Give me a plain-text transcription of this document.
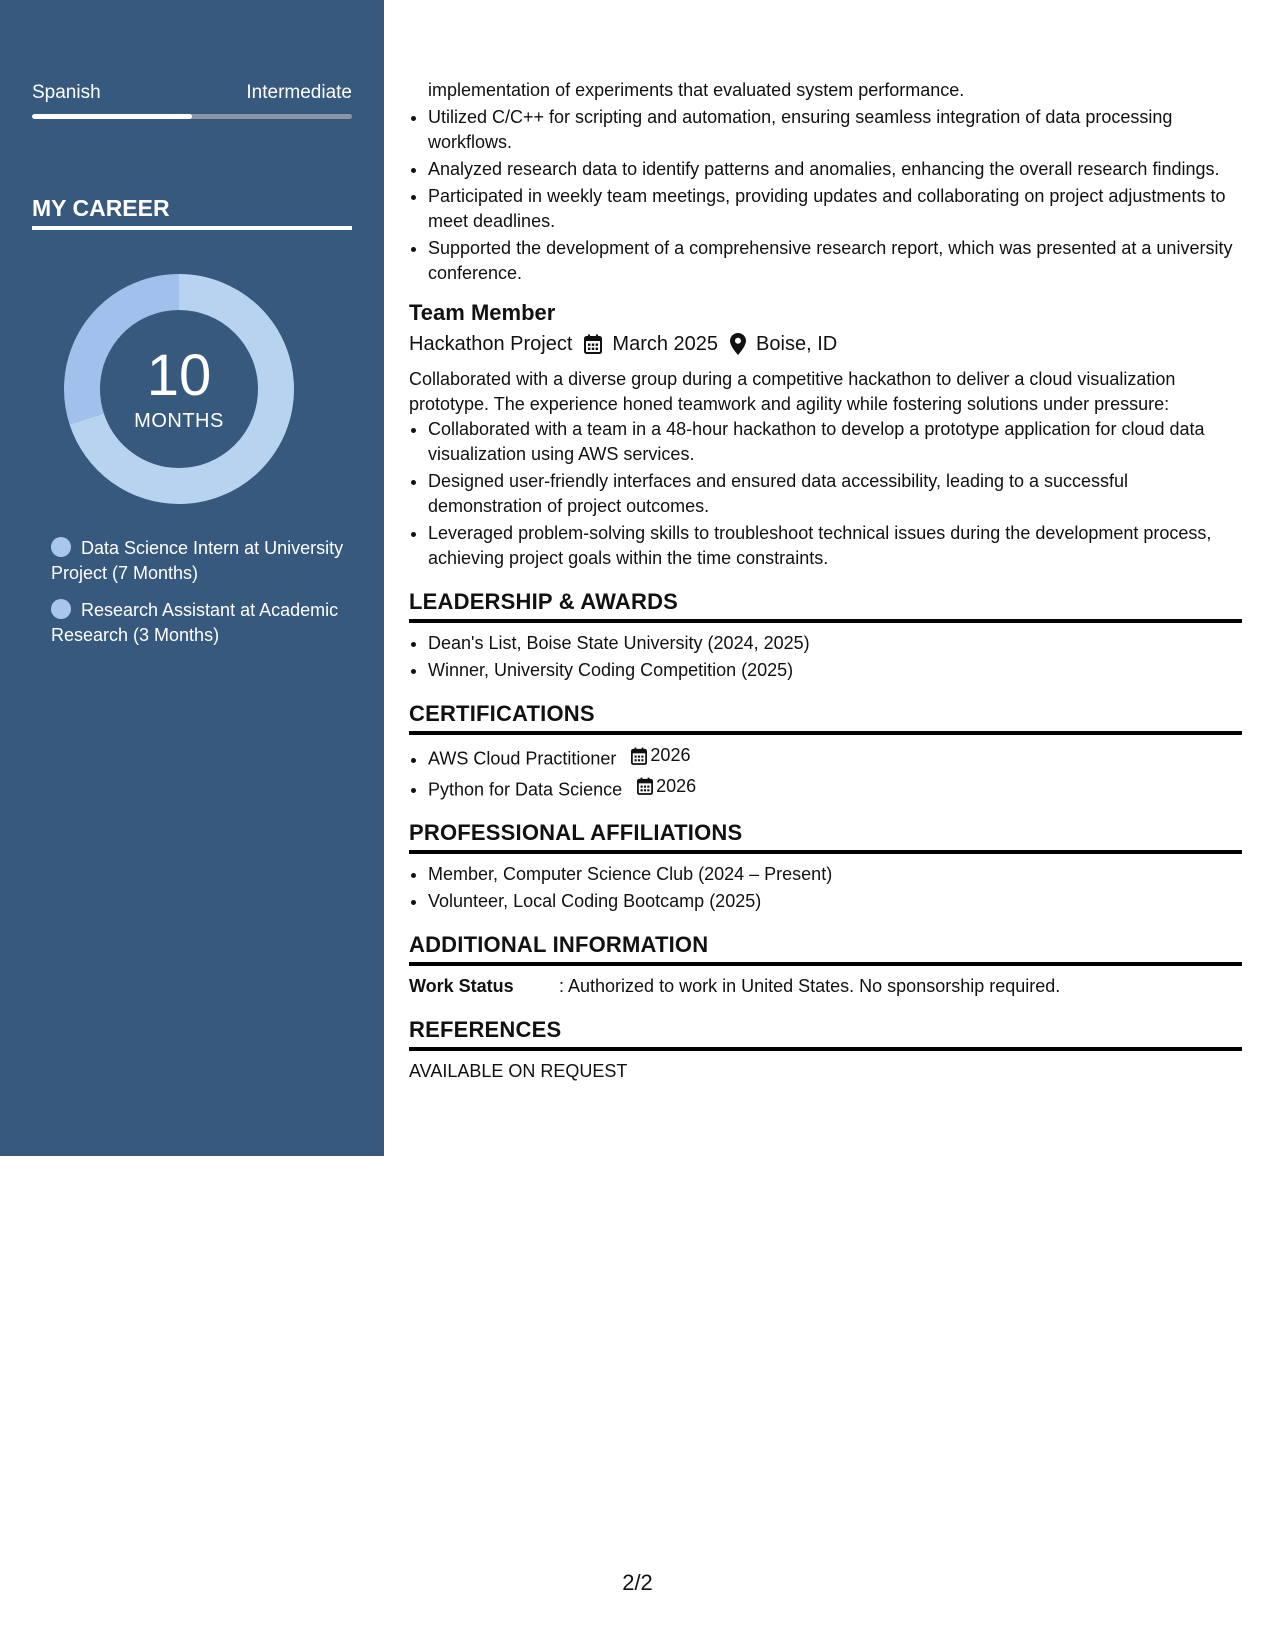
Spanish	Intermediate
MY CAREER
10
MONTHS
Data Science Intern at University Project (7 Months)
Research Assistant at Academic Research (3 Months)
implementation of experiments that evaluated system performance.
• Utilized C/C++ for scripting and automation, ensuring seamless integration of data processing workflows.
• Analyzed research data to identify patterns and anomalies, enhancing the overall research findings.
• Participated in weekly team meetings, providing updates and collaborating on project adjustments to meet deadlines.
• Supported the development of a comprehensive research report, which was presented at a university conference.
Team Member
Hackathon Project March 2025 Boise, ID
Collaborated with a diverse group during a competitive hackathon to deliver a cloud visualization prototype. The experience honed teamwork and agility while fostering solutions under pressure:
• Collaborated with a team in a 48-hour hackathon to develop a prototype application for cloud data visualization using AWS services.
• Designed user-friendly interfaces and ensured data accessibility, leading to a successful demonstration of project outcomes.
• Leveraged problem-solving skills to troubleshoot technical issues during the development process, achieving project goals within the time constraints.
LEADERSHIP & AWARDS
• Dean's List, Boise State University (2024, 2025)
• Winner, University Coding Competition (2025)
CERTIFICATIONS
• AWS Cloud Practitioner 2026
• Python for Data Science 2026
PROFESSIONAL AFFILIATIONS
• Member, Computer Science Club (2024 – Present)
• Volunteer, Local Coding Bootcamp (2025)
ADDITIONAL INFORMATION
Work Status	: Authorized to work in United States. No sponsorship required.
REFERENCES
AVAILABLE ON REQUEST
2/2
